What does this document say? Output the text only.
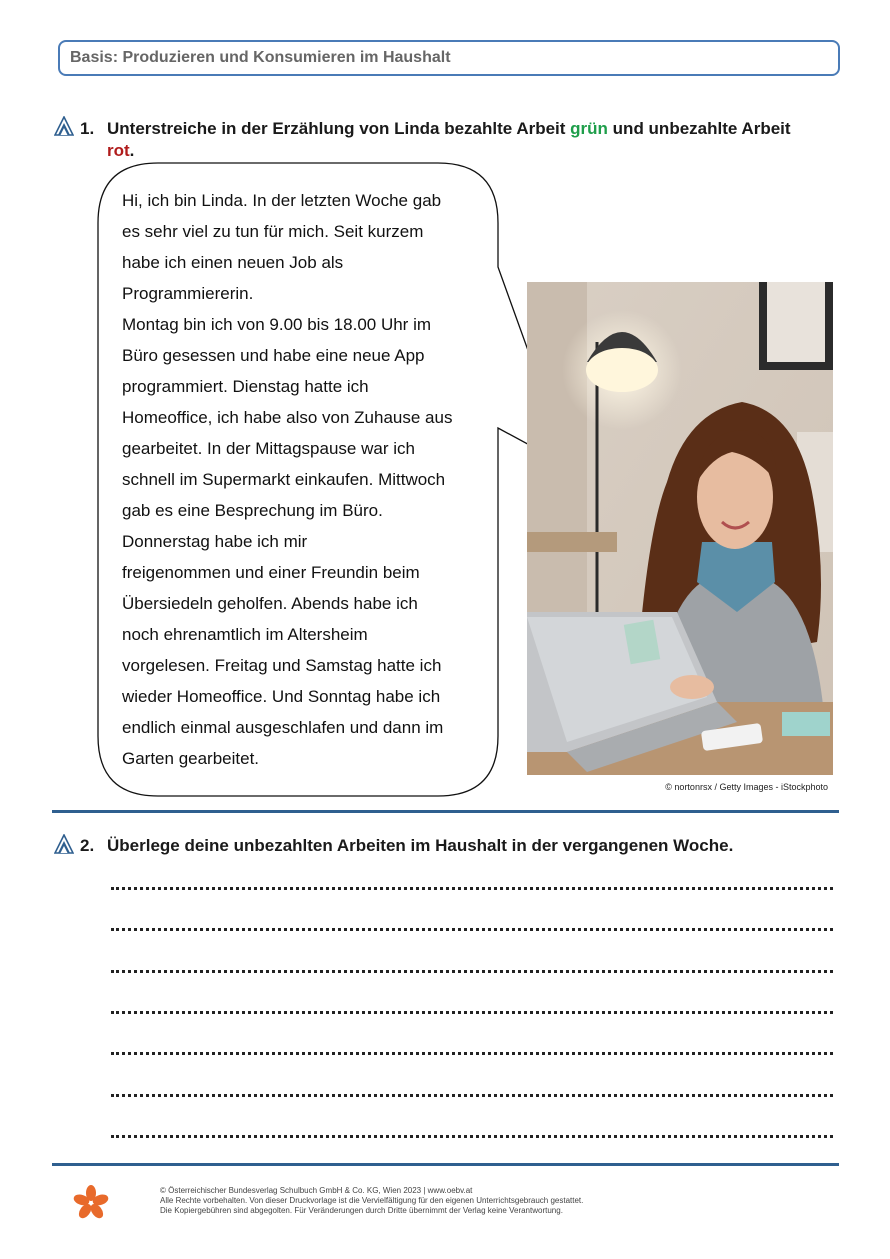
Basis: Produzieren und Konsumieren im Haushalt
1. Unterstreiche in der Erzählung von Linda bezahlte Arbeit grün und unbezahlte Arbeit
rot.
Hi, ich bin Linda. In der letzten Woche gab
es sehr viel zu tun für mich. Seit kurzem
habe ich einen neuen Job als
Programmiererin.
Montag bin ich von 9.00 bis 18.00 Uhr im
Büro gesessen und habe eine neue App
programmiert. Dienstag hatte ich
Homeoffice, ich habe also von Zuhause aus
gearbeitet. In der Mittagspause war ich
schnell im Supermarkt einkaufen. Mittwoch
gab es eine Besprechung im Büro.
Donnerstag habe ich mir
freigenommen und einer Freundin beim
Übersiedeln geholfen. Abends habe ich
noch ehrenamtlich im Altersheim
vorgelesen. Freitag und Samstag hatte ich
wieder Homeoffice. Und Sonntag habe ich
endlich einmal ausgeschlafen und dann im
Garten gearbeitet.
© nortonrsx / Getty Images - iStockphoto
2. Überlege deine unbezahlten Arbeiten im Haushalt in der vergangenen Woche.
© Österreichischer Bundesverlag Schulbuch GmbH & Co. KG, Wien 2023 | www.oebv.at
Alle Rechte vorbehalten. Von dieser Druckvorlage ist die Vervielfältigung für den eigenen Unterrichtsgebrauch gestattet.
Die Kopiergebühren sind abgegolten. Für Veränderungen durch Dritte übernimmt der Verlag keine Verantwortung.
